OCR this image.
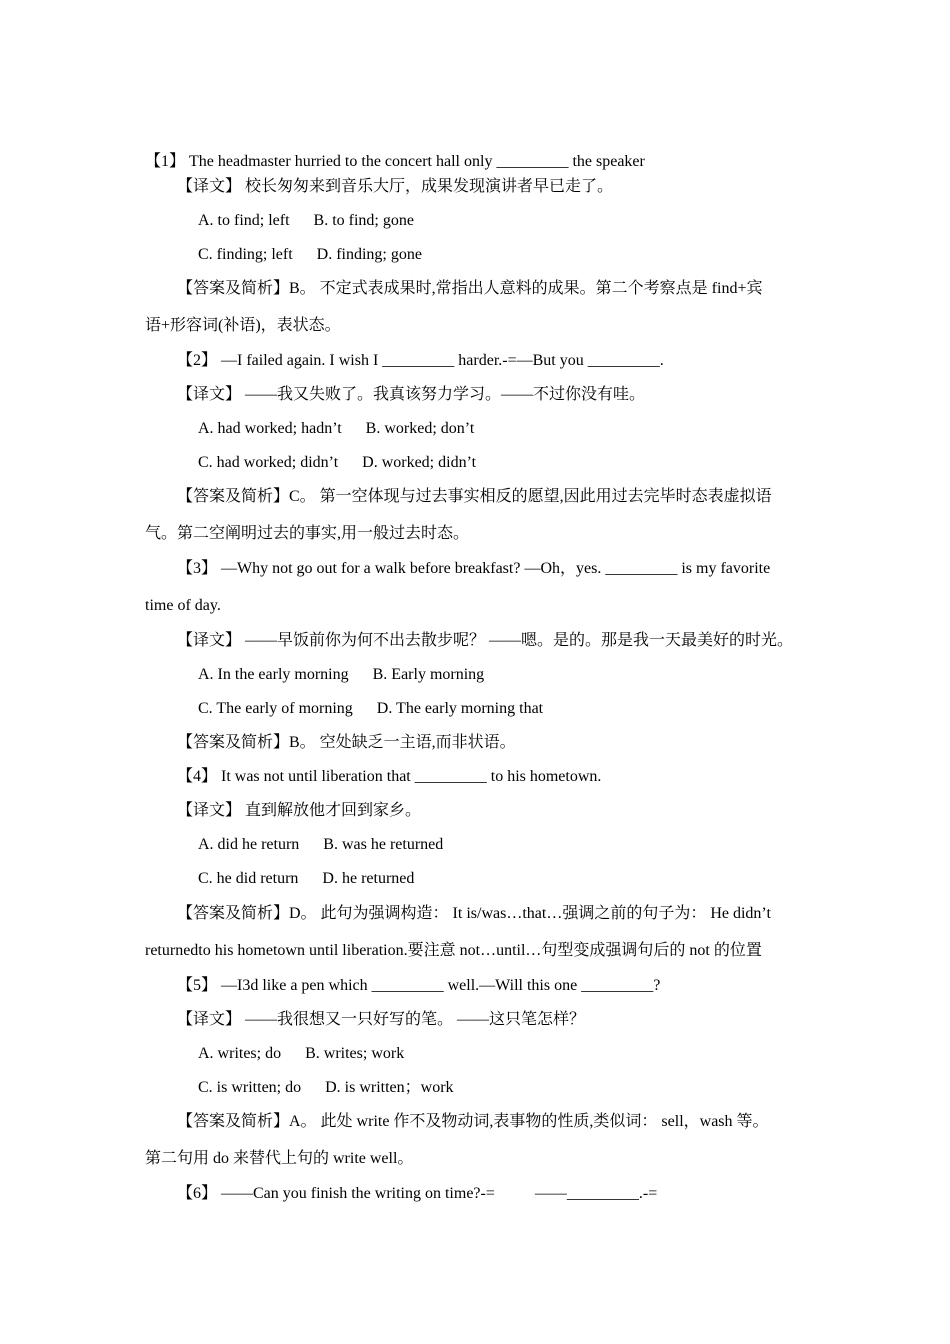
【1】 The headmaster hurried to the concert hall only _________ the speaker
【译文】 校长匆匆来到音乐大厅，成果发现演讲者早已走了。
A. to find; left      B. to find; gone
C. finding; left      D. finding; gone
【答案及简析】B。 不定式表成果时,常指出人意料的成果。第二个考察点是 find+宾
语+形容词(补语)，表状态。
【2】 —I failed again. I wish I _________ harder.-=—But you _________.
【译文】 ——我又失败了。我真该努力学习。——不过你没有哇。
A. had worked; hadn’t      B. worked; don’t
C. had worked; didn’t      D. worked; didn’t
【答案及简析】C。 第一空体现与过去事实相反的愿望,因此用过去完毕时态表虚拟语
气。第二空阐明过去的事实,用一般过去时态。
【3】 —Why not go out for a walk before breakfast? —Oh，yes. _________ is my favorite
time of day.
【译文】 ——早饭前你为何不出去散步呢？ ——嗯。是的。那是我一天最美好的时光。
A. In the early morning      B. Early morning
C. The early of morning      D. The early morning that
【答案及简析】B。 空处缺乏一主语,而非状语。
【4】 It was not until liberation that _________ to his hometown.
【译文】 直到解放他才回到家乡。
A. did he return      B. was he returned
C. he did return      D. he returned
【答案及简析】D。 此句为强调构造： It is/was…that…强调之前的句子为： He didn’t
returnedto his hometown until liberation.要注意 not…until…句型变成强调句后的 not 的位置
【5】 —I3d like a pen which _________ well.—Will this one _________?
【译文】 ——我很想又一只好写的笔。 ——这只笔怎样？
A. writes; do      B. writes; work
C. is written; do      D. is written；work
【答案及简析】A。 此处 write 作不及物动词,表事物的性质,类似词： sell，wash 等。
第二句用 do 来替代上句的 write well。
【6】 ——Can you finish the writing on time?-=          ——_________.-=
